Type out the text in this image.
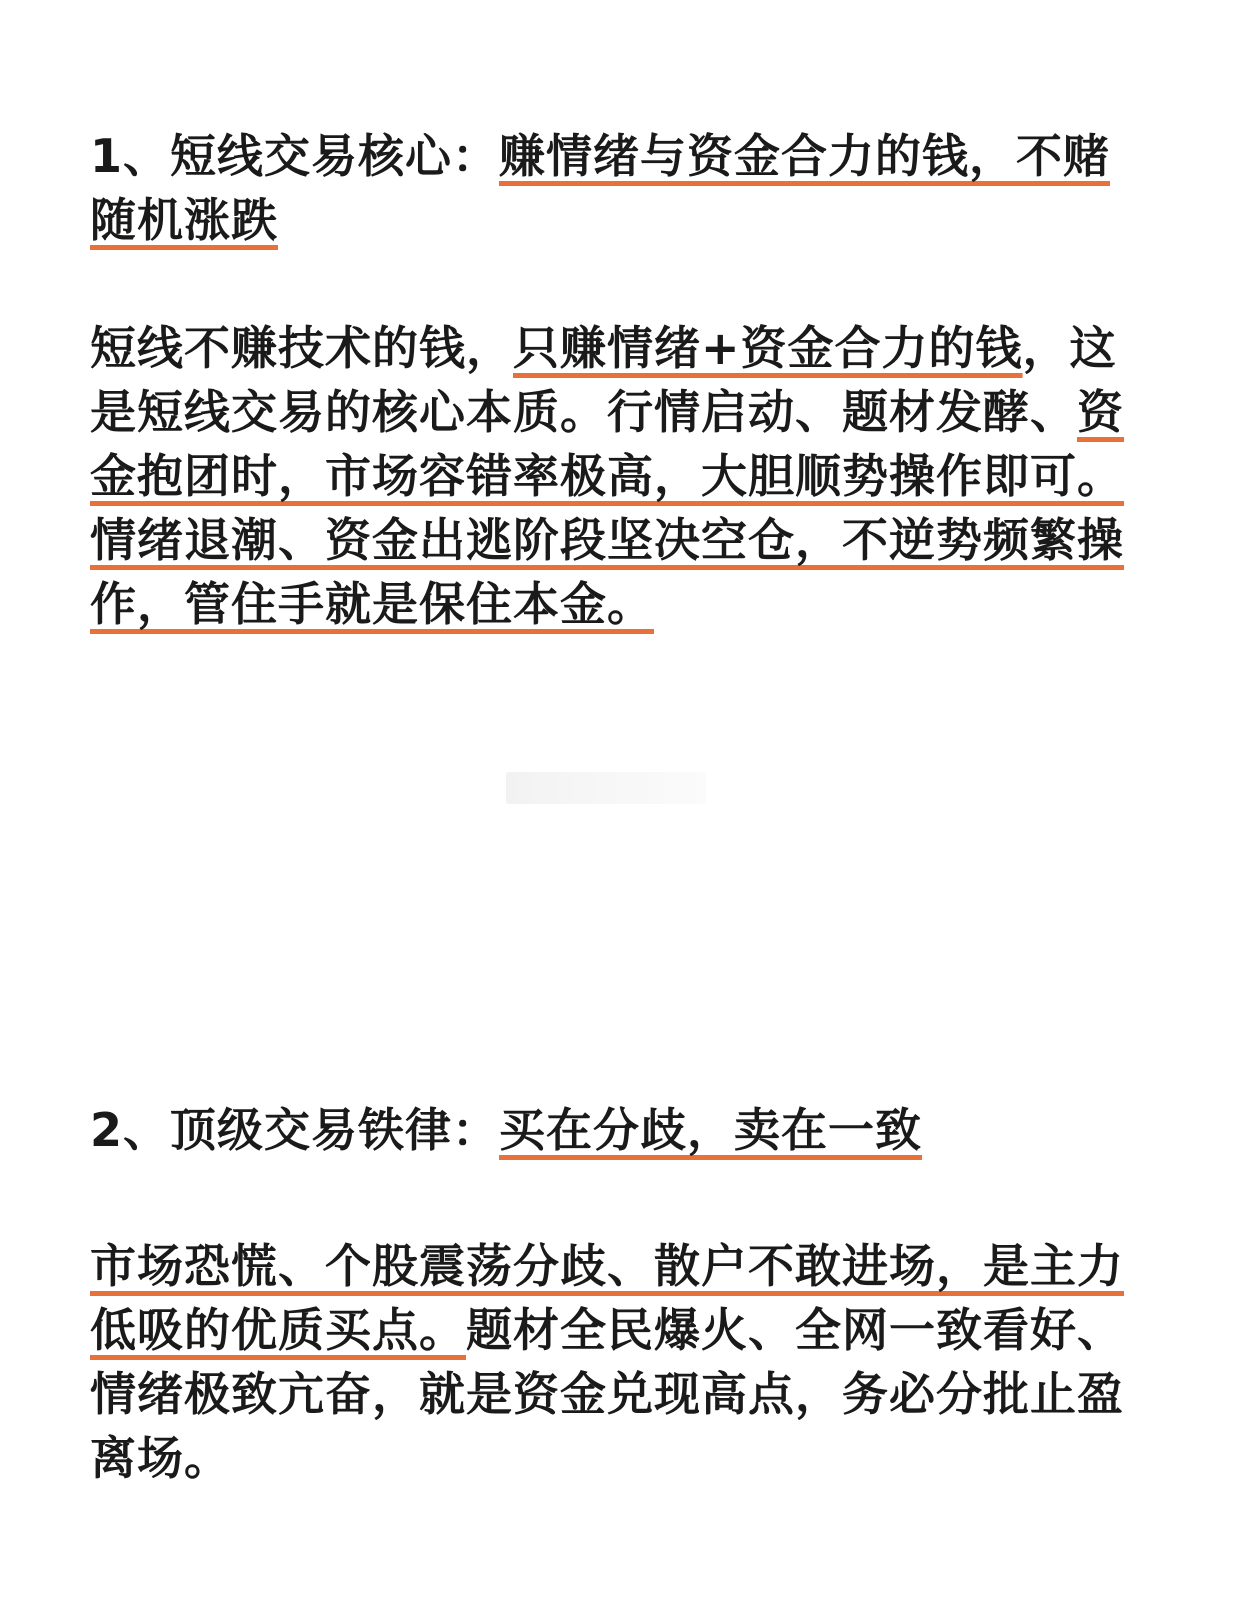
1、短线交易核心：赚情绪与资金合力的钱，不赌随机涨跌
短线不赚技术的钱，只赚情绪+资金合力的钱，这是短线交易的核心本质。行情启动、题材发酵、资金抱团时，市场容错率极高，大胆顺势操作即可。情绪退潮、资金出逃阶段坚决空仓，不逆势频繁操作，管住手就是保住本金。
2、顶级交易铁律：买在分歧，卖在一致
市场恐慌、个股震荡分歧、散户不敢进场，是主力低吸的优质买点。题材全民爆火、全网一致看好、情绪极致亢奋，就是资金兑现高点，务必分批止盈离场。
